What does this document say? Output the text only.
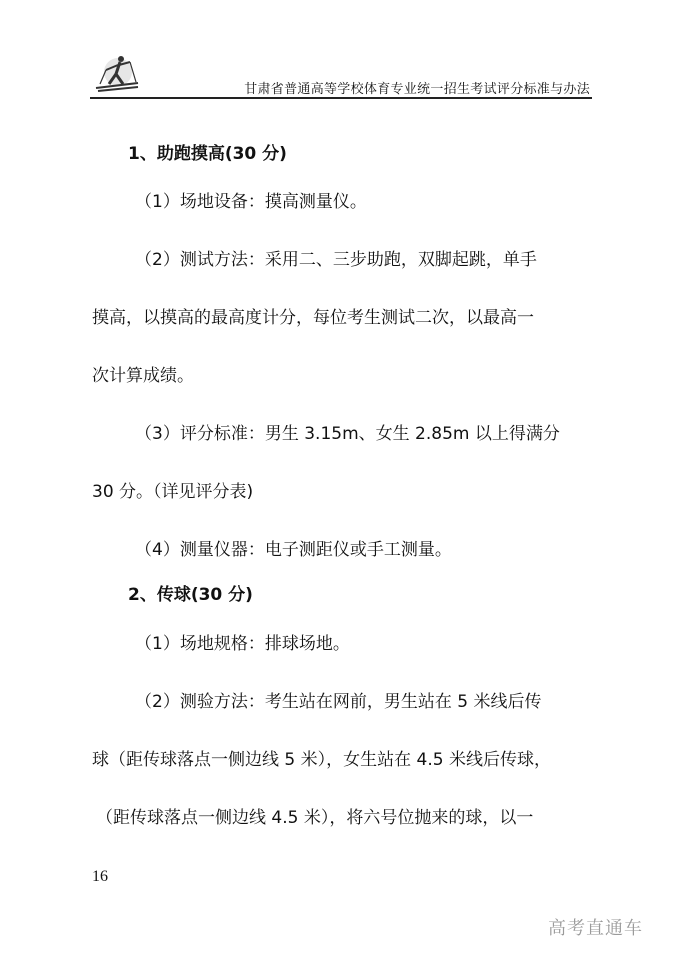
甘肃省普通高等学校体育专业统一招生考试评分标准与办法
1、助跑摸高(30 分)
（1）场地设备：摸高测量仪。
（2）测试方法：采用二、三步助跑，双脚起跳，单手
摸高，以摸高的最高度计分，每位考生测试二次，以最高一
次计算成绩。
（3）评分标准：男生 3.15m、女生 2.85m 以上得满分
30 分。（详见评分表)
（4）测量仪器：电子测距仪或手工测量。
2、传球(30 分)
（1）场地规格：排球场地。
（2）测验方法：考生站在网前，男生站在 5 米线后传
球（距传球落点一侧边线 5 米），女生站在 4.5 米线后传球，
（距传球落点一侧边线 4.5 米），将六号位抛来的球，以一
16
高考直通车
